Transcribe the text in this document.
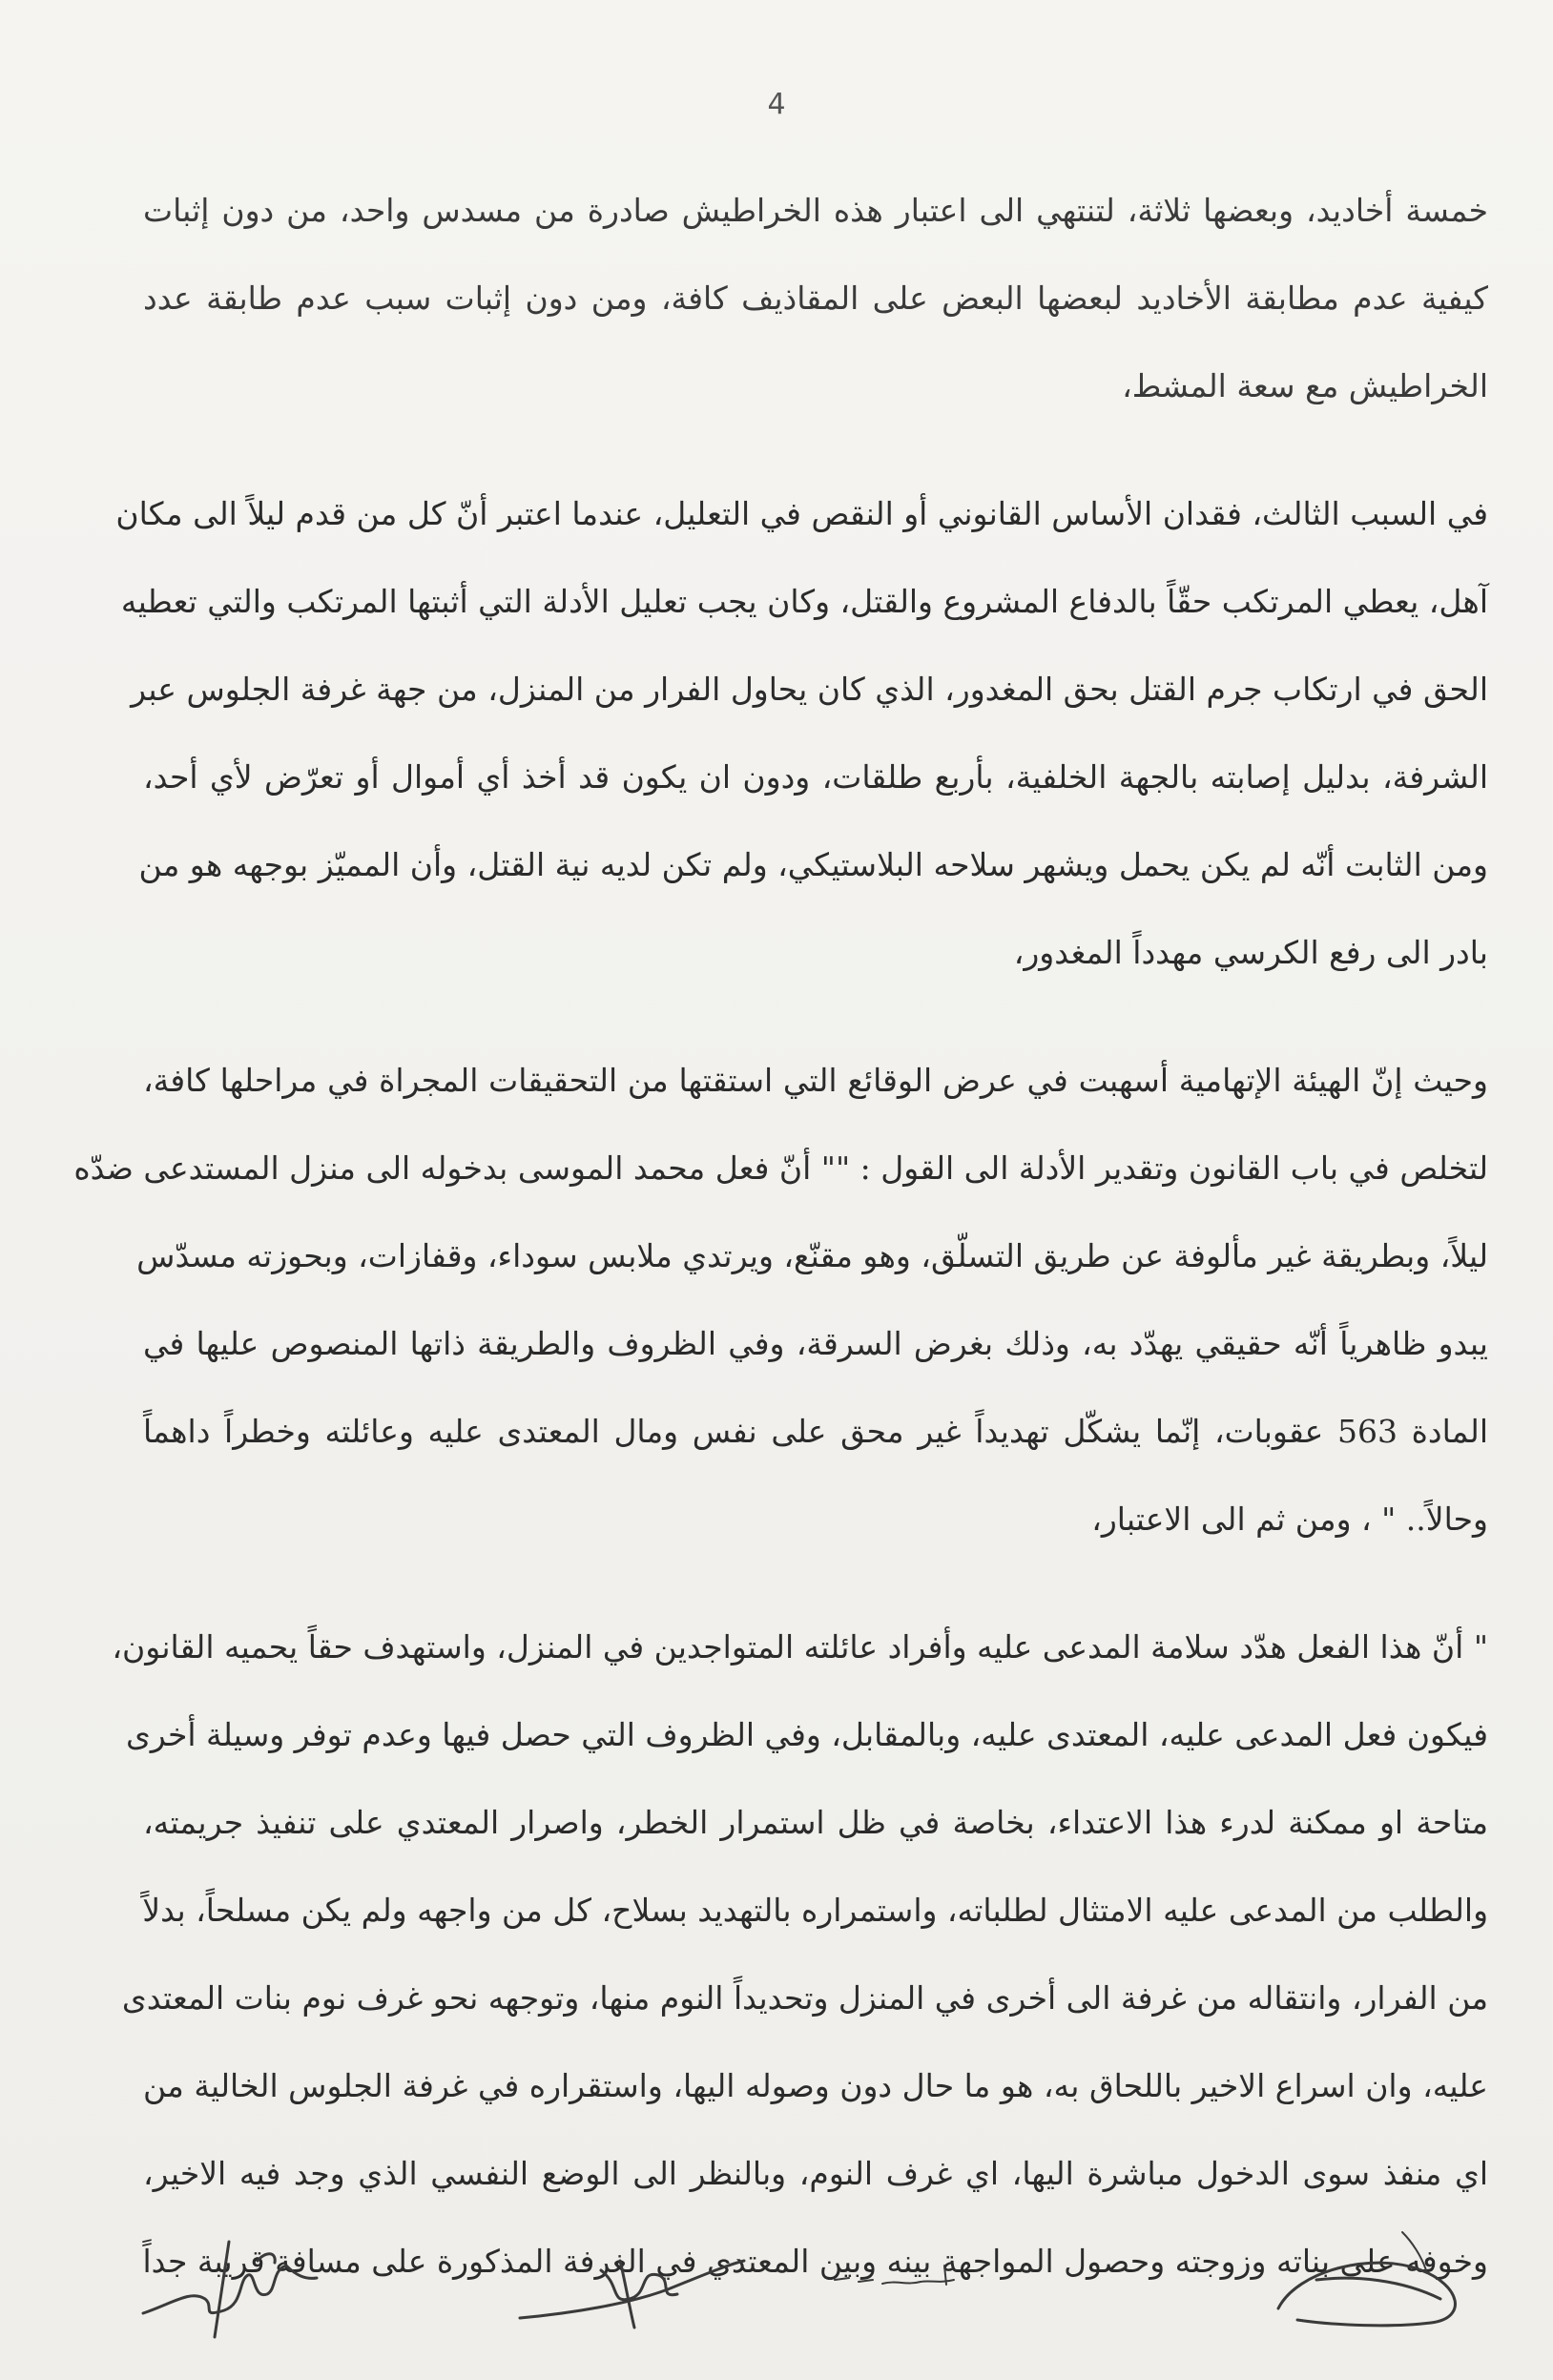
4
خمسة أخاديد، وبعضها ثلاثة، لتنتهي الى اعتبار هذه الخراطيش صادرة من مسدس واحد، من دون إثبات
كيفية عدم مطابقة الأخاديد لبعضها البعض على المقاذيف كافة، ومن دون إثبات سبب عدم طابقة عدد
الخراطيش مع سعة المشط،
في السبب الثالث، فقدان الأساس القانوني أو النقص في التعليل، عندما اعتبر أنّ كل من قدم ليلاً الى مكان
آهل، يعطي المرتكب حقّاً بالدفاع المشروع والقتل، وكان يجب تعليل الأدلة التي أثبتها المرتكب والتي تعطيه
الحق في ارتكاب جرم القتل بحق المغدور، الذي كان يحاول الفرار من المنزل، من جهة غرفة الجلوس عبر
الشرفة، بدليل إصابته بالجهة الخلفية، بأربع طلقات، ودون ان يكون قد أخذ أي أموال أو تعرّض لأي أحد،
ومن الثابت أنّه لم يكن يحمل ويشهر سلاحه البلاستيكي، ولم تكن لديه نية القتل، وأن المميّز بوجهه هو من
بادر الى رفع الكرسي مهدداً المغدور،
وحيث إنّ الهيئة الإتهامية أسهبت في عرض الوقائع التي استقتها من التحقيقات المجراة في مراحلها كافة،
لتخلص في باب القانون وتقدير الأدلة الى القول : "" أنّ فعل محمد الموسى بدخوله الى منزل المستدعى ضدّه
ليلاً، وبطريقة غير مألوفة عن طريق التسلّق، وهو مقنّع، ويرتدي ملابس سوداء، وقفازات، وبحوزته مسدّس
يبدو ظاهرياً أنّه حقيقي يهدّد به، وذلك بغرض السرقة، وفي الظروف والطريقة ذاتها المنصوص عليها في
المادة 563 عقوبات، إنّما يشكّل تهديداً غير محق على نفس ومال المعتدى عليه وعائلته وخطراً داهماً
وحالاً.. " ، ومن ثم الى الاعتبار،
" أنّ هذا الفعل هدّد سلامة المدعى عليه وأفراد عائلته المتواجدين في المنزل، واستهدف حقاً يحميه القانون،
فيكون فعل المدعى عليه، المعتدى عليه، وبالمقابل، وفي الظروف التي حصل فيها وعدم توفر وسيلة أخرى
متاحة او ممكنة لدرء هذا الاعتداء، بخاصة في ظل استمرار الخطر، واصرار المعتدي على تنفيذ جريمته،
والطلب من المدعى عليه الامتثال لطلباته، واستمراره بالتهديد بسلاح، كل من واجهه ولم يكن مسلحاً، بدلاً
من الفرار، وانتقاله من غرفة الى أخرى في المنزل وتحديداً النوم منها، وتوجهه نحو غرف نوم بنات المعتدى
عليه، وان اسراع الاخير باللحاق به، هو ما حال دون وصوله اليها، واستقراره في غرفة الجلوس الخالية من
اي منفذ سوى الدخول مباشرة اليها، اي غرف النوم، وبالنظر الى الوضع النفسي الذي وجد فيه الاخير،
وخوفه على بناته وزوجته وحصول المواجهة بينه وبين المعتدي في الغرفة المذكورة على مسافة قريبة جداً
